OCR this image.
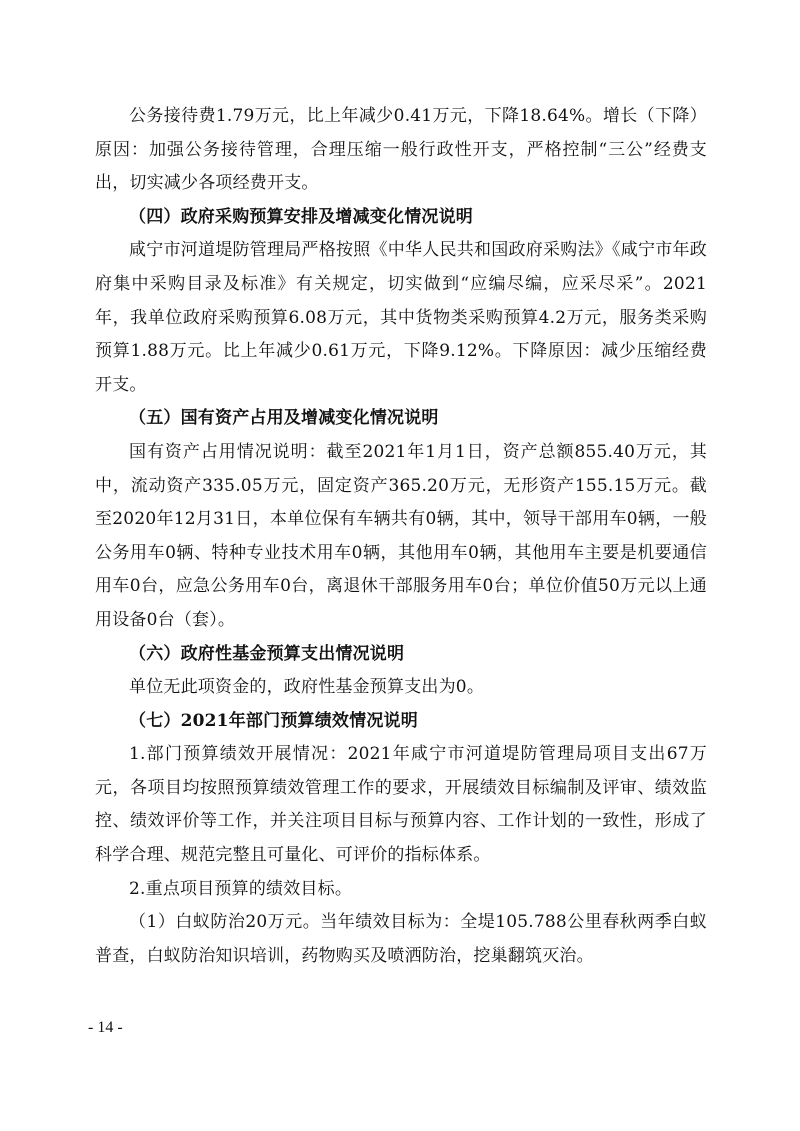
公务接待费1.79万元，比上年减少0.41万元，下降18.64%。增长（下降）原因：加强公务接待管理，合理压缩一般行政性开支，严格控制“三公”经费支出，切实减少各项经费开支。

（四）政府采购预算安排及增减变化情况说明

咸宁市河道堤防管理局严格按照《中华人民共和国政府采购法》《咸宁市年政府集中采购目录及标准》有关规定，切实做到“应编尽编，应采尽采”。2021年，我单位政府采购预算6.08万元，其中货物类采购预算4.2万元，服务类采购预算1.88万元。比上年减少0.61万元，下降9.12%。下降原因：减少压缩经费开支。

（五）国有资产占用及增减变化情况说明

国有资产占用情况说明：截至2021年1月1日，资产总额855.40万元，其中，流动资产335.05万元，固定资产365.20万元，无形资产155.15万元。截至2020年12月31日，本单位保有车辆共有0辆，其中，领导干部用车0辆，一般公务用车0辆、特种专业技术用车0辆，其他用车0辆，其他用车主要是机要通信用车0台，应急公务用车0台，离退休干部服务用车0台；单位价值50万元以上通用设备0台（套）。

（六）政府性基金预算支出情况说明

单位无此项资金的，政府性基金预算支出为0。

（七）2021年部门预算绩效情况说明

1.部门预算绩效开展情况：2021年咸宁市河道堤防管理局项目支出67万元，各项目均按照预算绩效管理工作的要求，开展绩效目标编制及评审、绩效监控、绩效评价等工作，并关注项目目标与预算内容、工作计划的一致性，形成了科学合理、规范完整且可量化、可评价的指标体系。

2.重点项目预算的绩效目标。

（1）白蚁防治20万元。当年绩效目标为：全堤105.788公里春秋两季白蚁普查，白蚁防治知识培训，药物购买及喷洒防治，挖巢翻筑灭治。

- 14 -
